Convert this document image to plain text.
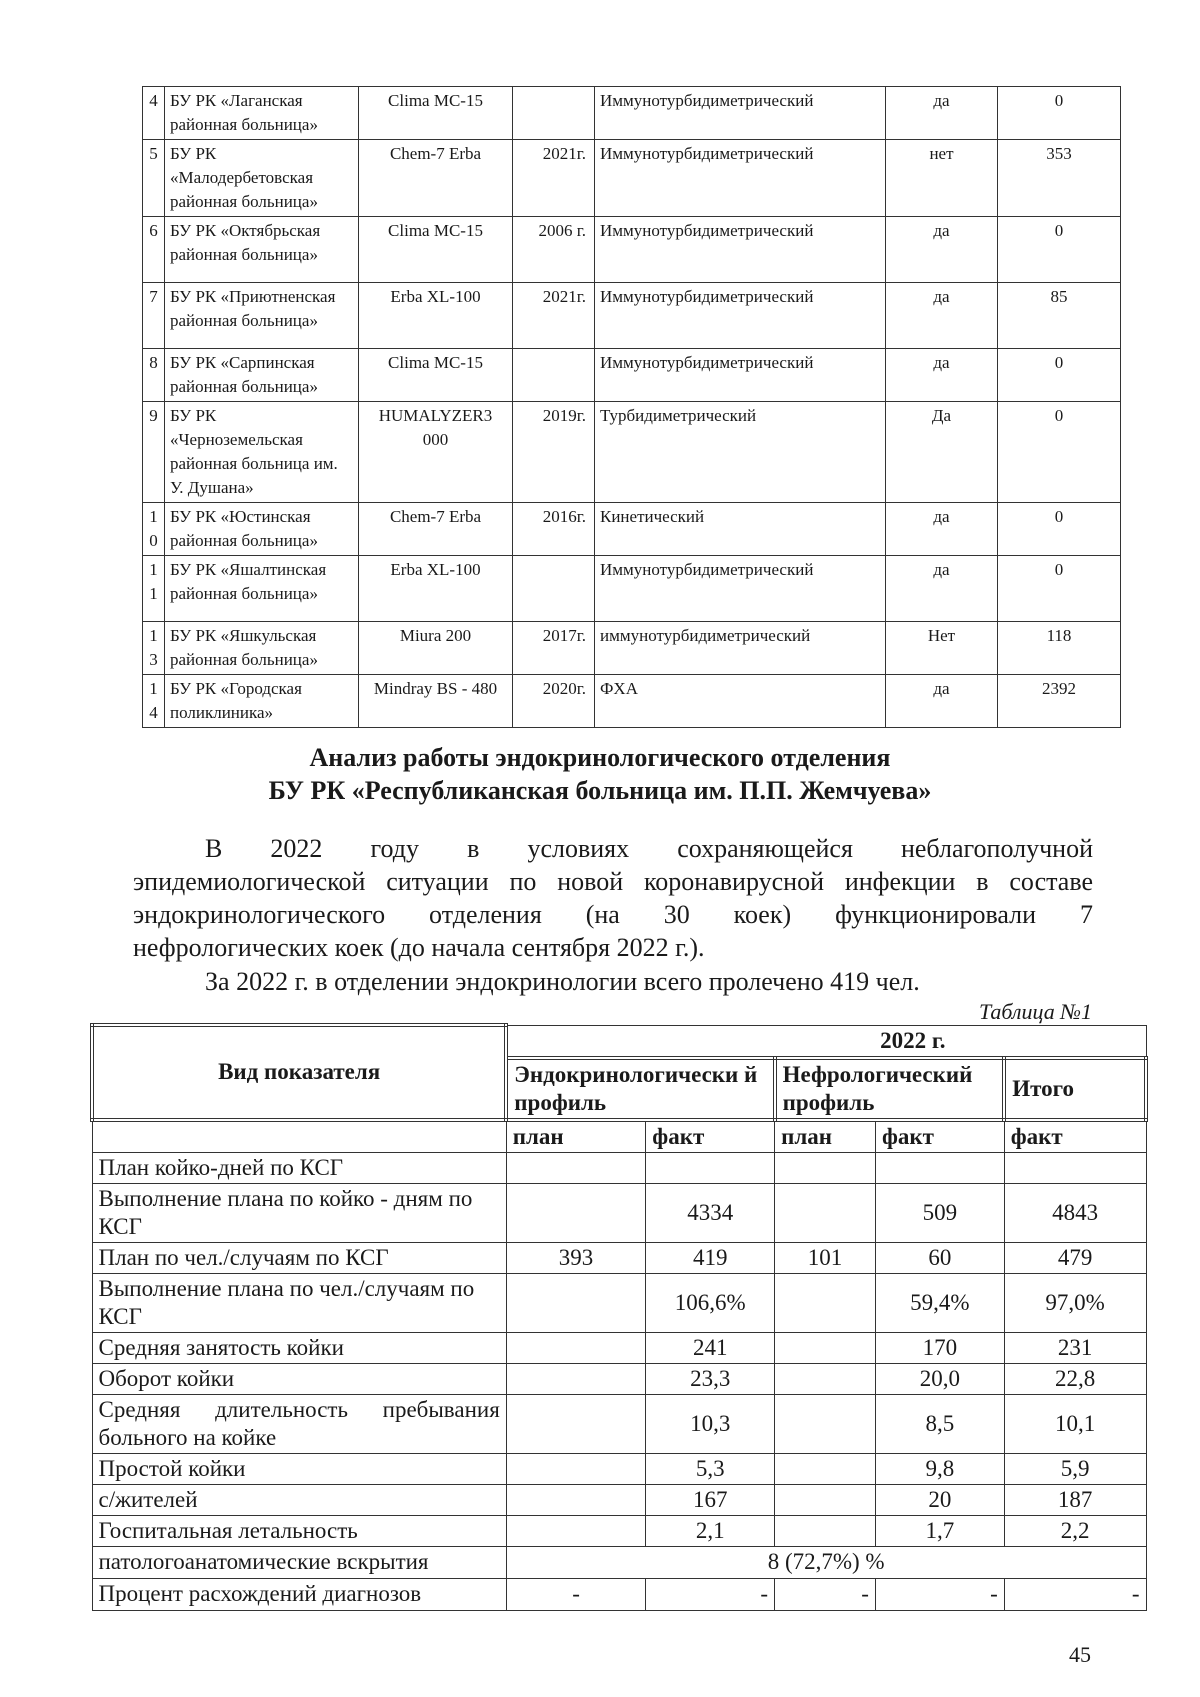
4	БУ РК «Лаганская районная больница»	Clima MC-15		Иммунотурбидиметрический	да	0
5	БУ РК «Малодербетовская районная больница»	Chem-7 Erba	2021г.	Иммунотурбидиметрический	нет	353
6	БУ РК «Октябрьская районная больница»	Clima MC-15	2006 г.	Иммунотурбидиметрический	да	0
7	БУ РК «Приютненская районная больница»	Erba XL-100	2021г.	Иммунотурбидиметрический	да	85
8	БУ РК «Сарпинская районная больница»	Clima MC-15		Иммунотурбидиметрический	да	0
9	БУ РК «Черноземельская районная больница им. У. Душана»	HUMALYZER3 000	2019г.	Турбидиметрический	Да	0
1 0	БУ РК «Юстинская районная больница»	Chem-7 Erba	2016г.	Кинетический	да	0
1 1	БУ РК «Яшалтинская районная больница»	Erba XL-100		Иммунотурбидиметрический	да	0
1 3	БУ РК «Яшкульская районная больница»	Miura 200	2017г.	иммунотурбидиметрический	Нет	118
1 4	БУ РК «Городская поликлиника»	Mindray BS - 480	2020г.	ФХА	да	2392
Анализ работы эндокринологического отделения
БУ РК «Республиканская больница им. П.П. Жемчуева»
В 2022 году в условиях сохраняющейся неблагополучной
эпидемиологической ситуации по новой коронавирусной инфекции в составе
эндокринологического отделения (на 30 коек) функционировали 7
нефрологических коек (до начала сентября 2022 г.).
За 2022 г. в отделении эндокринологии всего пролечено 419 чел.
Таблица №1
Вид показателя	2022 г.				
	Эндокринологически й профиль		Нефрологический профиль		Итого
	план	факт	план	факт	факт
План койко-дней по КСГ					
Выполнение плана по койко - дням по КСГ		4334		509	4843
План по чел./случаям по КСГ	393	419	101	60	479
Выполнение плана по чел./случаям по КСГ		106,6%		59,4%	97,0%
Средняя занятость койки		241		170	231
Оборот койки		23,3		20,0	22,8
Средняя длительность пребывания больного на койке		10,3		8,5	10,1
Простой койки		5,3		9,8	5,9
с/жителей		167		20	187
Госпитальная летальность		2,1		1,7	2,2
патологоанатомические вскрытия	8 (72,7%) %				
Процент расхождений диагнозов	-	-	-	-	-
45
